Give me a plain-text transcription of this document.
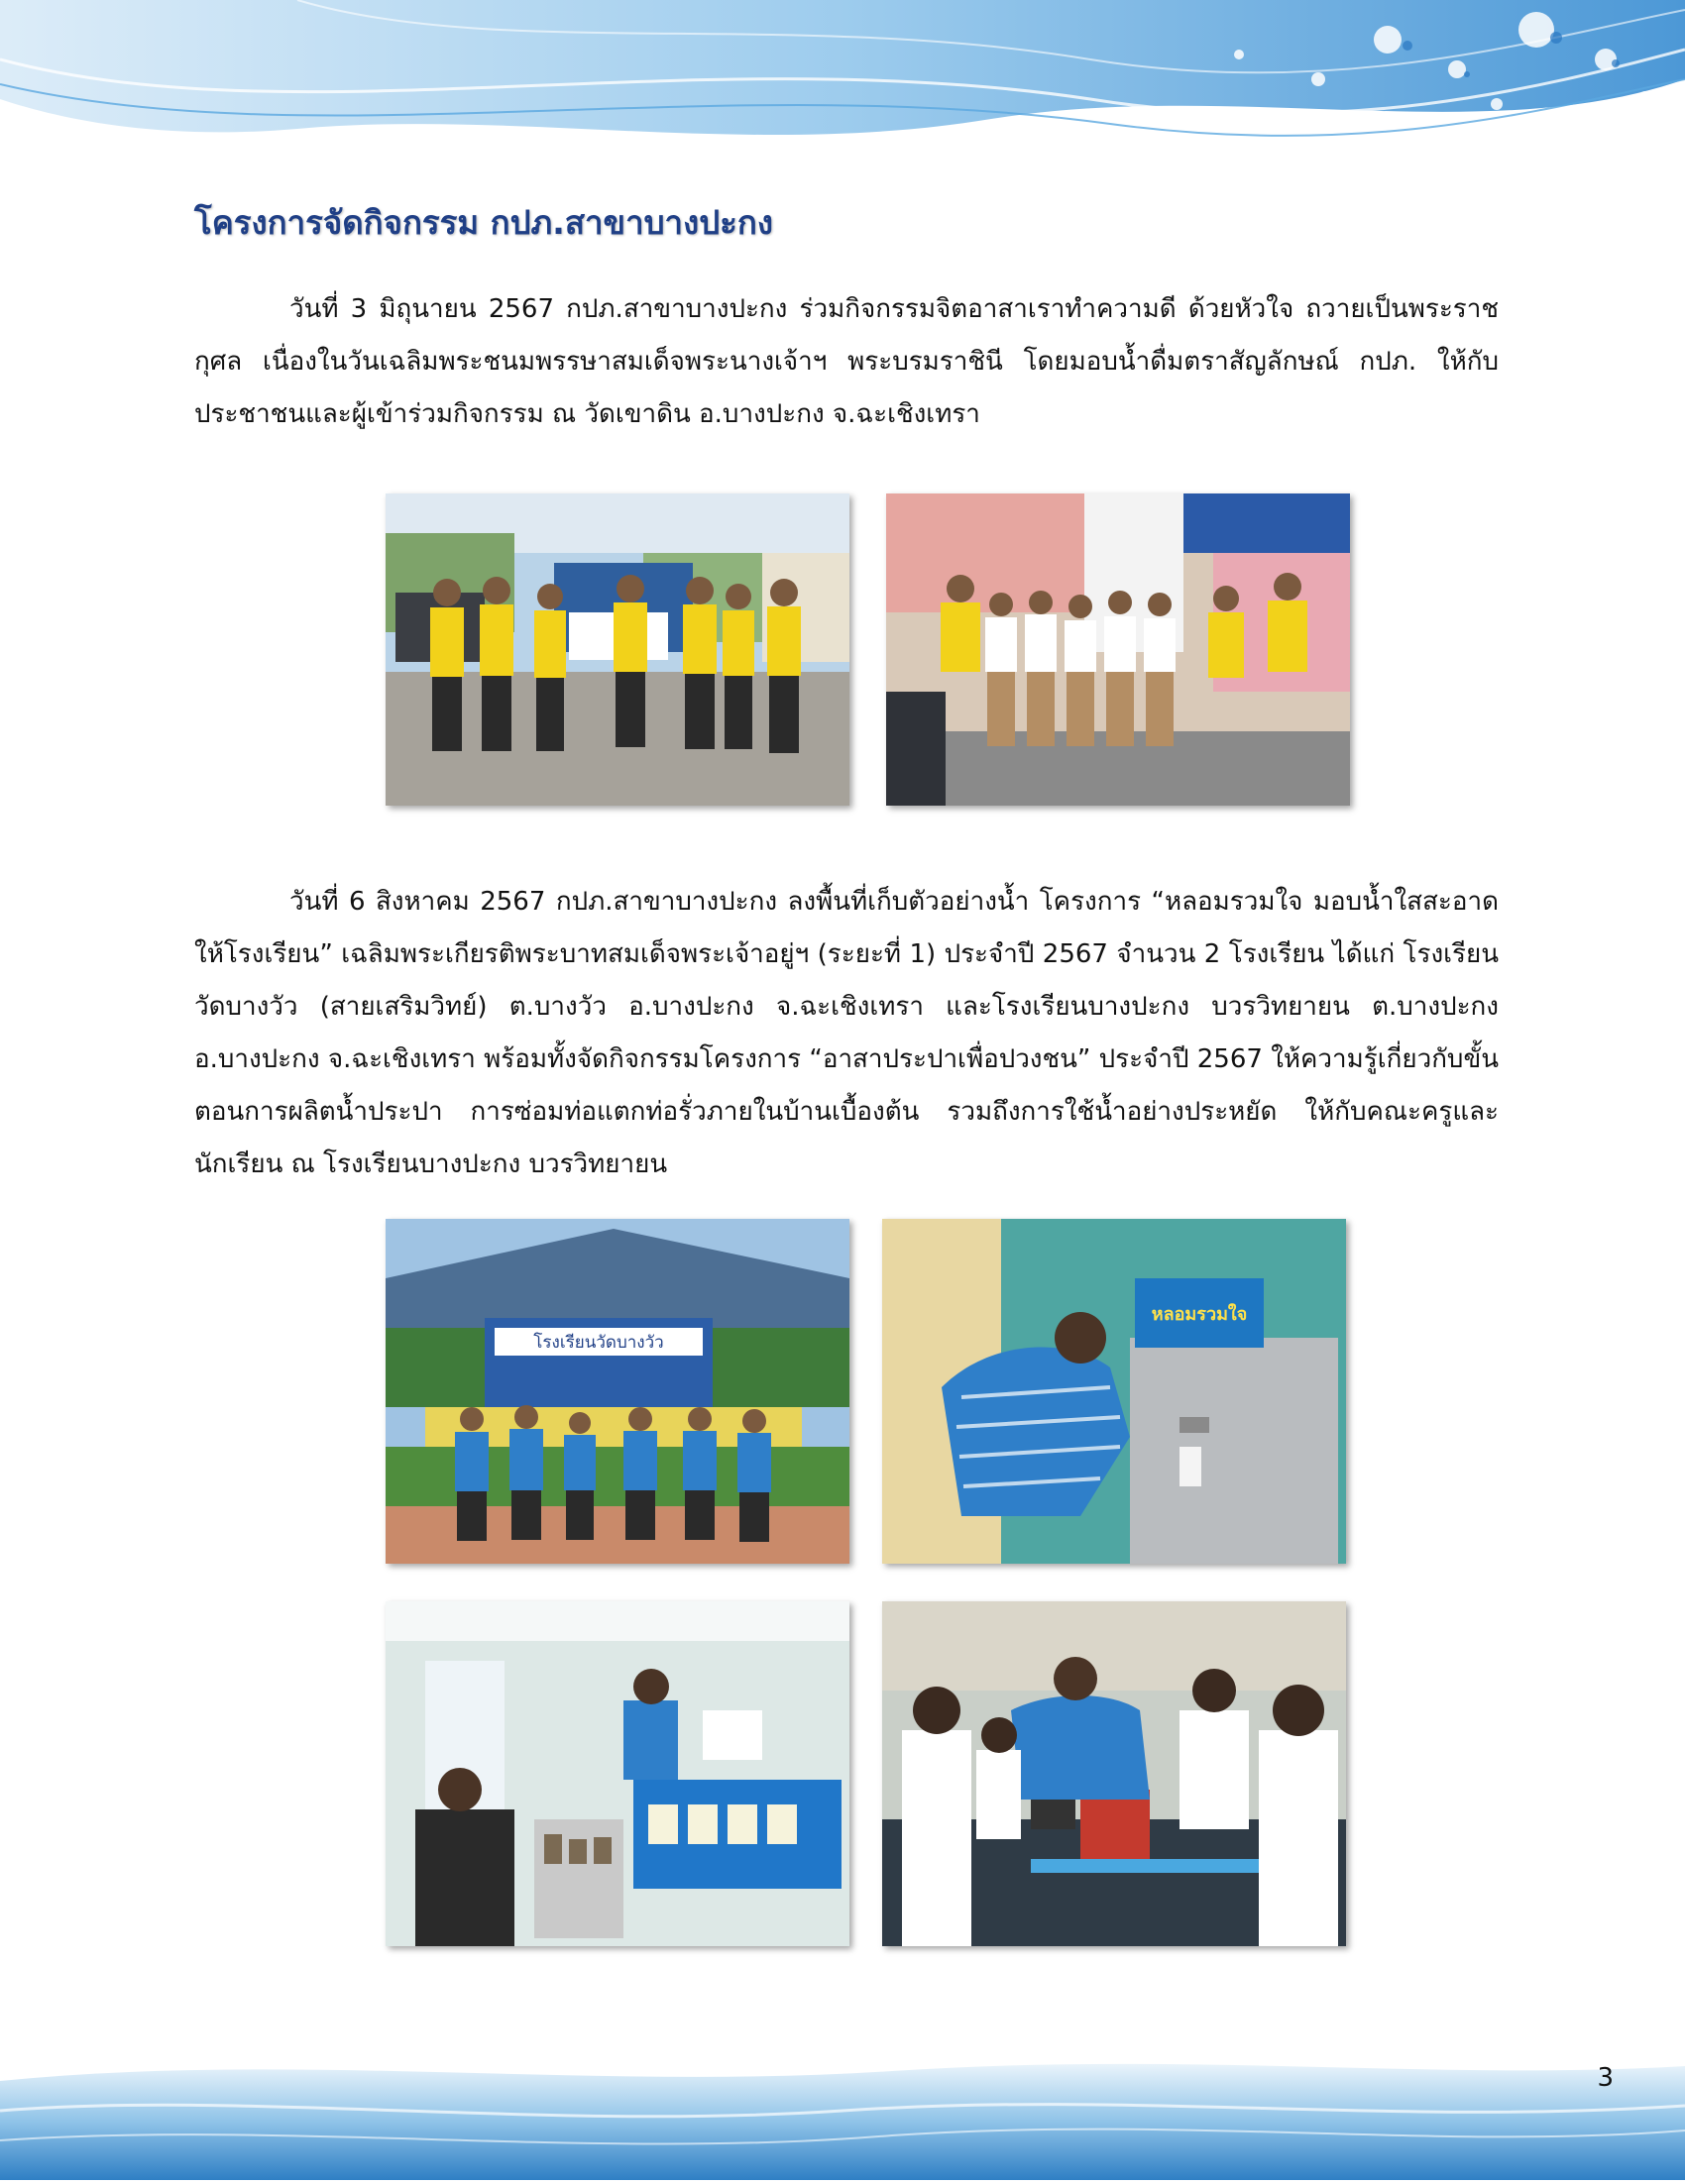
โครงการจัดกิจกรรม กปภ.สาขาบางปะกง

วันที่ 3 มิถุนายน 2567 กปภ.สาขาบางปะกง ร่วมกิจกรรมจิตอาสาเราทำความดี ด้วยหัวใจ ถวายเป็นพระราชกุศล เนื่องในวันเฉลิมพระชนมพรรษาสมเด็จพระนางเจ้าฯ พระบรมราชินี โดยมอบน้ำดื่มตราสัญลักษณ์ กปภ. ให้กับประชาชนและผู้เข้าร่วมกิจกรรม ณ วัดเขาดิน อ.บางปะกง จ.ฉะเชิงเทรา

วันที่ 6 สิงหาคม 2567 กปภ.สาขาบางปะกง ลงพื้นที่เก็บตัวอย่างน้ำ โครงการ “หลอมรวมใจ มอบน้ำใสสะอาดให้โรงเรียน” เฉลิมพระเกียรติพระบาทสมเด็จพระเจ้าอยู่ฯ (ระยะที่ 1) ประจำปี 2567 จำนวน 2 โรงเรียน ได้แก่ โรงเรียนวัดบางวัว (สายเสริมวิทย์) ต.บางวัว อ.บางปะกง จ.ฉะเชิงเทรา และโรงเรียนบางปะกง บวรวิทยายน ต.บางปะกง อ.บางปะกง จ.ฉะเชิงเทรา พร้อมทั้งจัดกิจกรรมโครงการ “อาสาประปาเพื่อปวงชน” ประจำปี 2567 ให้ความรู้เกี่ยวกับขั้นตอนการผลิตน้ำประปา การซ่อมท่อแตกท่อรั่วภายในบ้านเบื้องต้น รวมถึงการใช้น้ำอย่างประหยัด ให้กับคณะครูและนักเรียน ณ โรงเรียนบางปะกง บวรวิทยายน

โรงเรียนวัดบางวัว
หลอมรวมใจ
3
